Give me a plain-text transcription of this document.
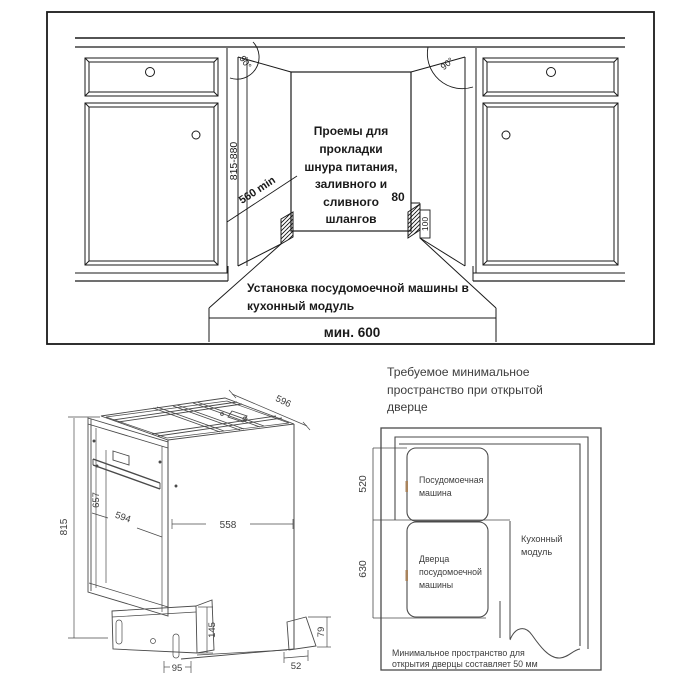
Проемы для
прокладки
шнура питания,
заливного и
сливного
шлангов
Установка посудомоечной машины в
кухонный модуль
мин. 600
815-880
560 min
90°	90°
80
100
815
657
594
558
596
145
95	52
79
Требуемое минимальное
пространство при открытой
дверце
520
630
Посудомоечная
машина
Дверца
посудомоечной
машины
Кухонный
модуль
Минимальное пространство для
открытия дверцы составляет 50 мм
